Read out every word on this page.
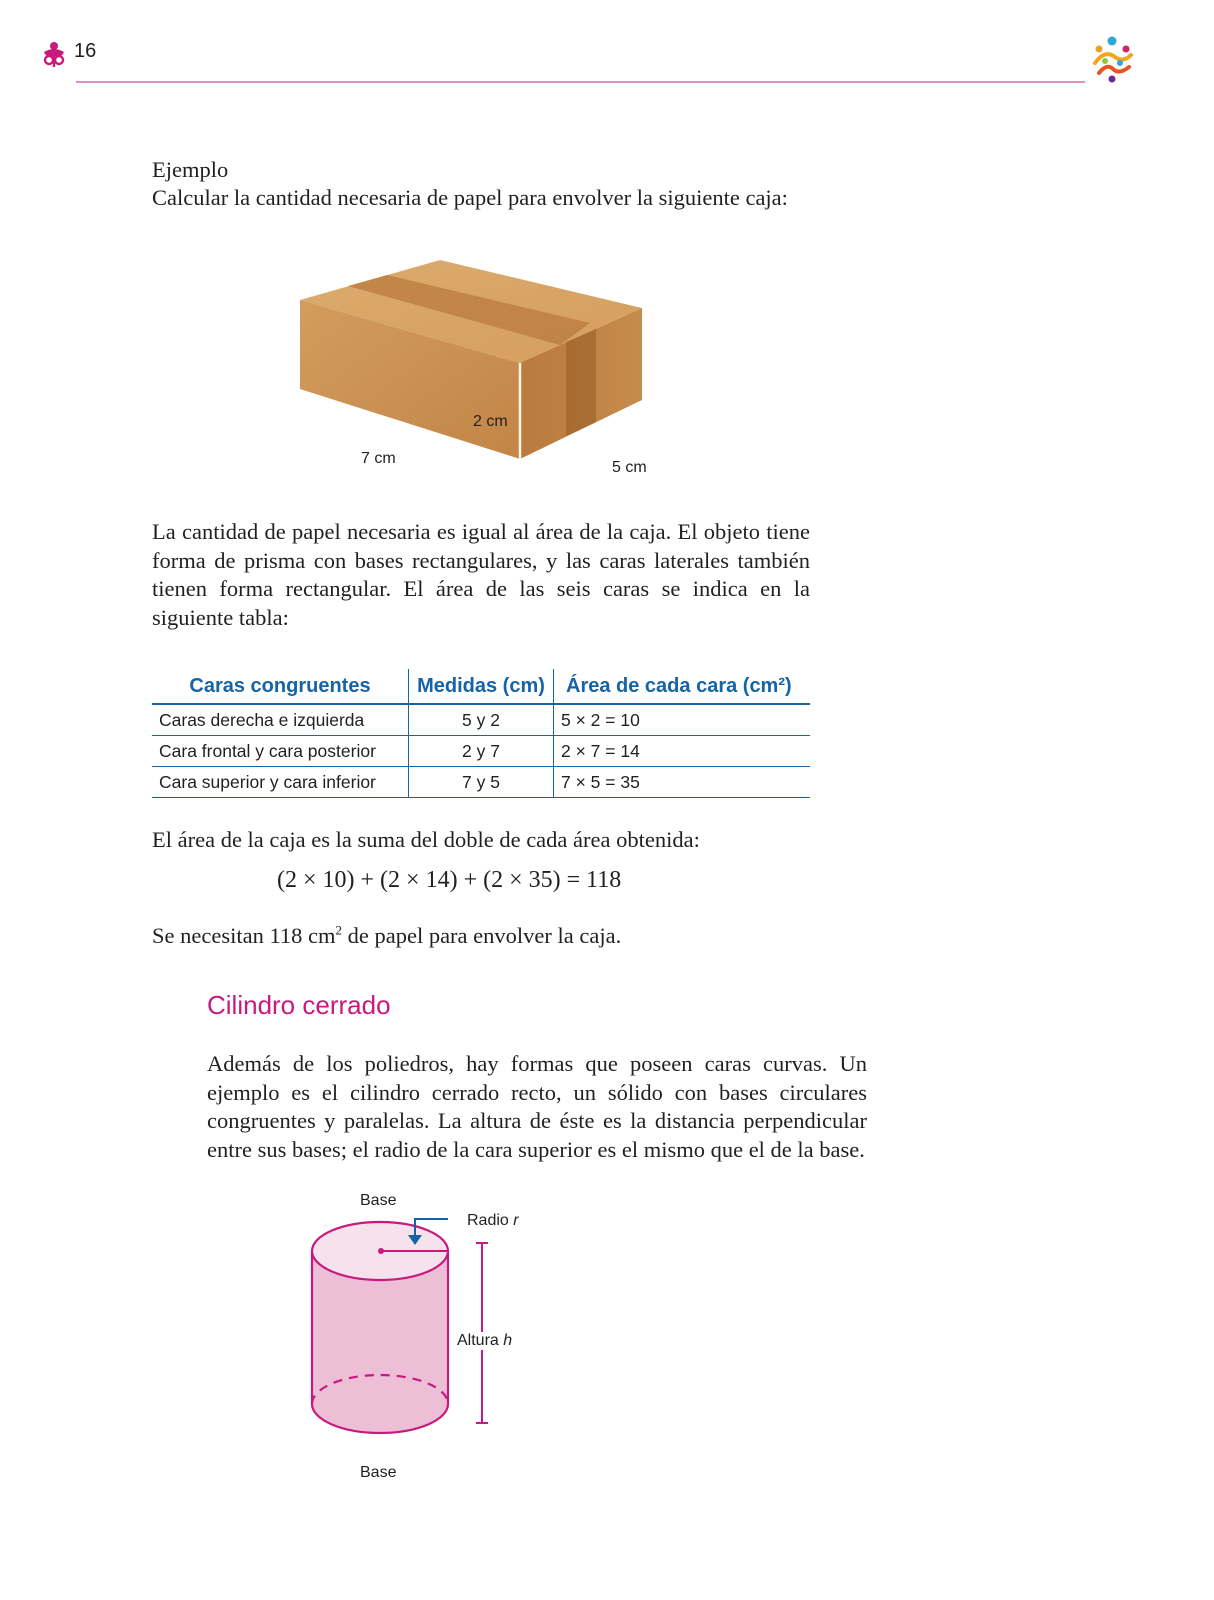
16
Ejemplo
Calcular la cantidad necesaria de papel para envolver la siguiente caja:
2 cm
7 cm
5 cm
La cantidad de papel necesaria es igual al área de la caja. El objeto tiene forma de prisma con bases rectangulares, y las caras laterales también tienen forma rectangular. El área de las seis caras se indica en la siguiente tabla:
Caras congruentes	Medidas (cm)	Área de cada cara (cm²)
Caras derecha e izquierda	5 y 2	5 × 2 = 10
Cara frontal y cara posterior	2 y 7	2 × 7 = 14
Cara superior y cara inferior	7 y 5	7 × 5 = 35
El área de la caja es la suma del doble de cada área obtenida:
(2 × 10) + (2 × 14) + (2 × 35) = 118
Se necesitan 118 $cm^2$ de papel para envolver la caja.
Cilindro cerrado
Además de los poliedros, hay formas que poseen caras curvas. Un ejemplo es el cilindro cerrado recto, un sólido con bases circulares congruentes y paralelas. La altura de éste es la distancia perpendicular entre sus bases; el radio de la cara superior es el mismo que el de la base.
Base
Radio r
Altura h
Base
